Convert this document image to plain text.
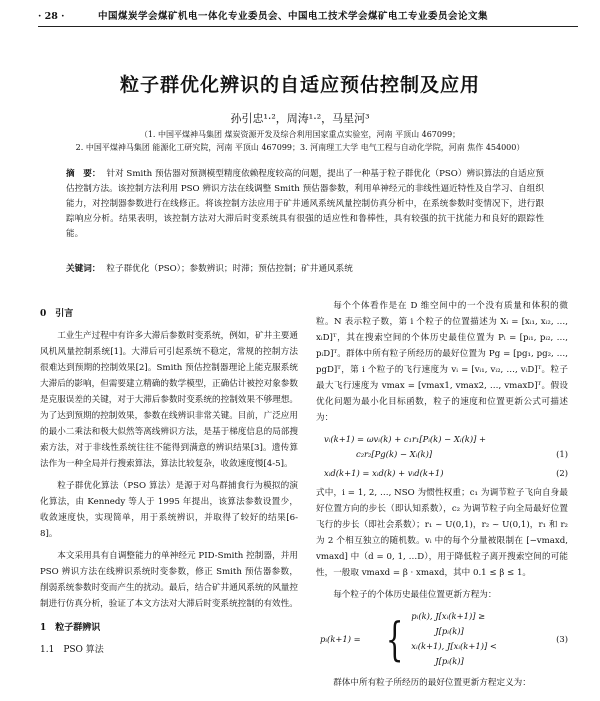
· 28 ·	中国煤炭学会煤矿机电一体化专业委员会、中国电工技术学会煤矿电工专业委员会论文集
粒子群优化辨识的自适应预估控制及应用
孙引忠¹·²，周涛¹·²，马星河³
（1. 中国平煤神马集团 煤炭资源开发及综合利用国家重点实验室，河南 平顶山 467099；
2. 中国平煤神马集团 能源化工研究院，河南 平顶山 467099；3. 河南理工大学 电气工程与自动化学院，河南 焦作 454000）
摘　要： 针对 Smith 预估器对预测模型精度依赖程度较高的问题，提出了一种基于粒子群优化（PSO）辨识算法的自适应预估控制方法。该控制方法利用 PSO 辨识方法在线调整 Smith 预估器参数，利用单神经元的非线性逼近特性及自学习、自组织能力，对控制器参数进行在线修正。将该控制方法应用于矿井通风系统风量控制仿真分析中，在系统参数时变情况下，进行跟踪响应分析。结果表明，该控制方法对大滞后时变系统具有很强的适应性和鲁棒性，具有较强的抗干扰能力和良好的跟踪性能。
关键词： 粒子群优化（PSO）；参数辨识；时滞；预估控制；矿井通风系统
0　引言

工业生产过程中有许多大滞后参数时变系统，例如，矿井主要通风机风量控制系统[1]。大滞后可引起系统不稳定，常规的控制方法很难达到预期的控制效果[2]。Smith 预估控制器理论上能克服系统大滞后的影响，但需要建立精确的数学模型，正确估计被控对象参数是克服误差的关键，对于大滞后参数时变系统的控制效果不够理想。为了达到预期的控制效果，参数在线辨识非常关键。目前，广泛应用的最小二乘法和极大似然等离线辨识方法，是基于梯度信息的局部搜索方法，对于非线性系统往往不能得到满意的辨识结果[3]。遗传算法作为一种全局并行搜索算法，算法比较复杂，收敛速度慢[4-5]。

粒子群优化算法（PSO 算法）是源于对鸟群捕食行为模拟的演化算法，由 Kennedy 等人于 1995 年提出，该算法参数设置少，收敛速度快，实现简单，用于系统辨识，并取得了较好的结果[6-8]。

本文采用具有自调整能力的单神经元 PID-Smith 控制器，并用 PSO 辨识方法在线辨识系统时变参数，修正 Smith 预估器参数，削弱系统参数时变而产生的扰动。最后，结合矿井通风系统的风量控制进行仿真分析，验证了本文方法对大滞后时变系统控制的有效性。

1　粒子群辨识
1.1　PSO 算法

每个个体看作是在 D 维空间中的一个没有质量和体积的微粒。N 表示粒子数，第 i 个粒子的位置描述为 Xᵢ = [xᵢ₁, xᵢ₂, …, xᵢD]ᵀ，其在搜索空间的个体历史最佳位置为 Pᵢ = [pᵢ₁, pᵢ₂, …, pᵢD]ᵀ。群体中所有粒子所经历的最好位置为 Pg = [pg₁, pg₂, …, pgD]ᵀ，第 i 个粒子的飞行速度为 vᵢ = [vᵢ₁, vᵢ₂, …, vᵢD]ᵀ。粒子最大飞行速度为 vmax = [vmax1, vmax2, …, vmaxD]ᵀ。假设优化问题为最小化目标函数，粒子的速度和位置更新公式可描述为：

vᵢ(k+1) = ωvᵢ(k) + c₁r₁[Pᵢ(k) − Xᵢ(k)] +
c₂r₂[Pg(k) − Xᵢ(k)]	(1)
xᵢd(k+1) = xᵢd(k) + vᵢd(k+1)	(2)

式中，i = 1, 2, …, NSO 为惯性权重；c₁ 为调节粒子飞向自身最好位置方向的步长（即认知系数），c₂ 为调节粒子向全局最好位置飞行的步长（即社会系数）；r₁ ~ U(0,1)，r₂ ~ U(0,1)，r₁ 和 r₂ 为 2 个相互独立的随机数。vᵢ 中的每个分量被限制在 [−vmaxd, vmaxd] 中（d = 0, 1, …D），用于降低粒子离开搜索空间的可能性，一般取 vmaxd = β · xmaxd，其中 0.1 ≤ β ≤ 1。

每个粒子的个体历史最佳位置更新方程为：

pᵢ(k+1) = { pᵢ(k), J[xᵢ(k+1)] ≥
J[pᵢ(k)]
xᵢ(k+1), J[xᵢ(k+1)] <
J[pᵢ(k)]
(3)

群体中所有粒子所经历的最好位置更新方程定义为：
